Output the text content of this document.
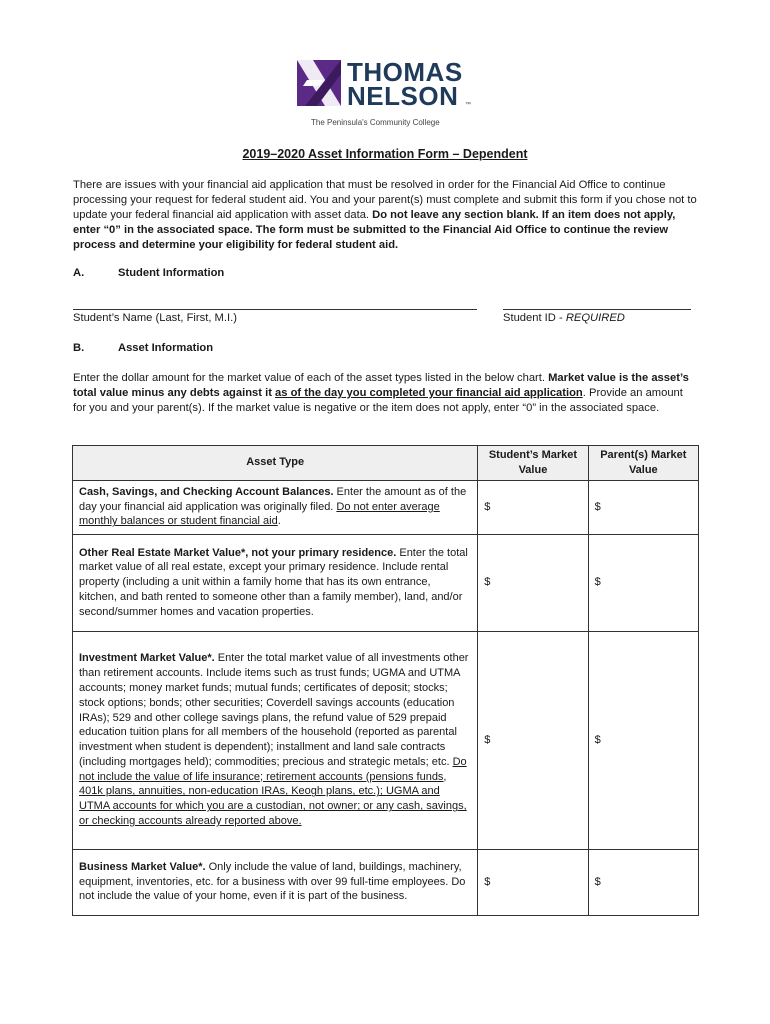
THOMAS
NELSON ™
The Peninsula's Community College
2019–2020 Asset Information Form – Dependent
There are issues with your financial aid application that must be resolved in order for the Financial Aid Office to continue processing your request for federal student aid. You and your parent(s) must complete and submit this form if you chose not to update your federal financial aid application with asset data. Do not leave any section blank. If an item does not apply, enter “0” in the associated space. The form must be submitted to the Financial Aid Office to continue the review process and determine your eligibility for federal student aid.
A.	Student Information
Student’s Name (Last, First, M.I.)	Student ID - REQUIRED
B.	Asset Information
Enter the dollar amount for the market value of each of the asset types listed in the below chart. Market value is the asset’s total value minus any debts against it as of the day you completed your financial aid application. Provide an amount for you and your parent(s). If the market value is negative or the item does not apply, enter “0” in the associated space.
Asset Type	Student’s Market Value	Parent(s) Market Value
Cash, Savings, and Checking Account Balances. Enter the amount as of the day your financial aid application was originally filed. Do not enter average monthly balances or student financial aid.	$	$
Other Real Estate Market Value*, not your primary residence. Enter the total market value of all real estate, except your primary residence. Include rental property (including a unit within a family home that has its own entrance, kitchen, and bath rented to someone other than a family member), land, and/or second/summer homes and vacation properties.	$	$
Investment Market Value*. Enter the total market value of all investments other than retirement accounts. Include items such as trust funds; UGMA and UTMA accounts; money market funds; mutual funds; certificates of deposit; stocks; stock options; bonds; other securities; Coverdell savings accounts (education IRAs); 529 and other college savings plans, the refund value of 529 prepaid education tuition plans for all members of the household (reported as parental investment when student is dependent); installment and land sale contracts (including mortgages held); commodities; precious and strategic metals; etc. Do not include the value of life insurance; retirement accounts (pensions funds, 401k plans, annuities, non-education IRAs, Keogh plans, etc.); UGMA and UTMA accounts for which you are a custodian, not owner; or any cash, savings, or checking accounts already reported above.	$	$
Business Market Value*. Only include the value of land, buildings, machinery, equipment, inventories, etc. for a business with over 99 full-time employees. Do not include the value of your home, even if it is part of the business.	$	$
